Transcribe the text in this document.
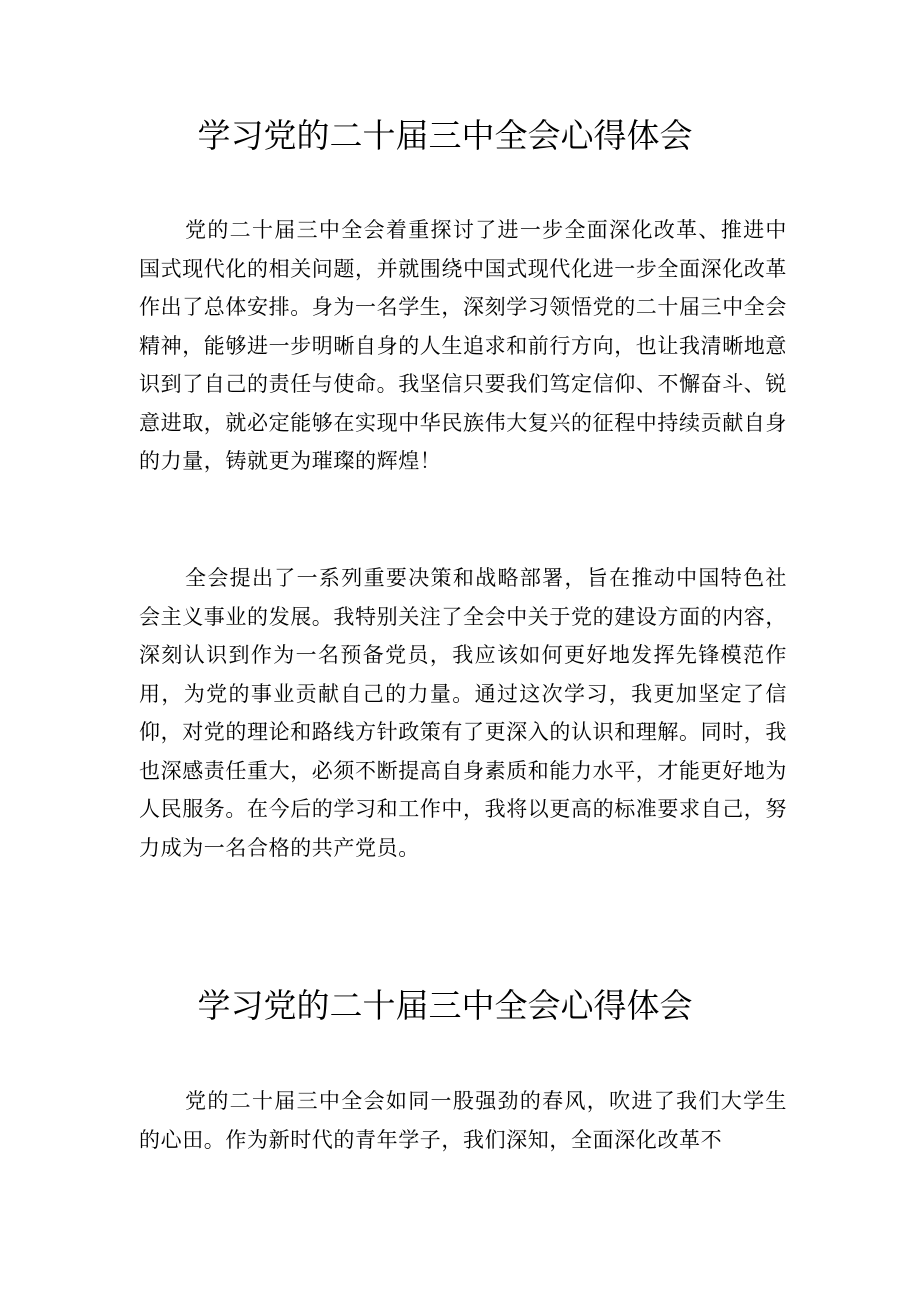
学习党的二十届三中全会心得体会

党的二十届三中全会着重探讨了进一步全面深化改革、推进中国式现代化的相关问题，并就围绕中国式现代化进一步全面深化改革作出了总体安排。身为一名学生，深刻学习领悟党的二十届三中全会精神，能够进一步明晰自身的人生追求和前行方向，也让我清晰地意识到了自己的责任与使命。我坚信只要我们笃定信仰、不懈奋斗、锐意进取，就必定能够在实现中华民族伟大复兴的征程中持续贡献自身的力量，铸就更为璀璨的辉煌！

全会提出了一系列重要决策和战略部署，旨在推动中国特色社会主义事业的发展。我特别关注了全会中关于党的建设方面的内容，深刻认识到作为一名预备党员，我应该如何更好地发挥先锋模范作用，为党的事业贡献自己的力量。通过这次学习，我更加坚定了信仰，对党的理论和路线方针政策有了更深入的认识和理解。同时，我也深感责任重大，必须不断提高自身素质和能力水平，才能更好地为人民服务。在今后的学习和工作中，我将以更高的标准要求自己，努力成为一名合格的共产党员。

学习党的二十届三中全会心得体会

党的二十届三中全会如同一股强劲的春风，吹进了我们大学生的心田。作为新时代的青年学子，我们深知，全面深化改革不
